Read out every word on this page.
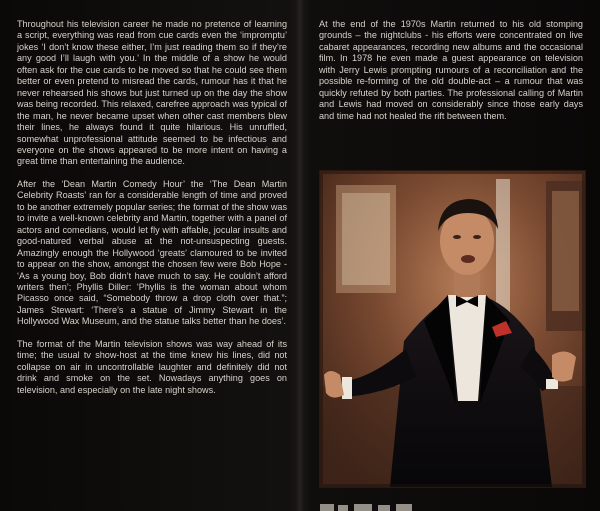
Throughout his television career he made no pretence of learning a script, everything was read from cue cards even the ‘impromptu’ jokes ‘I don’t know these either, I’m just reading them so if they’re any good I’ll laugh with you.’ In the middle of a show he would often ask for the cue cards to be moved so that he could see them better or even pretend to misread the cards, rumour has it that he never rehearsed his shows but just turned up on the day the show was being recorded. This relaxed, carefree approach was typical of the man, he never became upset when other cast members blew their lines, he always found it quite hilarious. His unruffled, somewhat unprofessional attitude seemed to be infectious and everyone on the shows appeared to be more intent on having a great time than entertaining the audience.

After the ‘Dean Martin Comedy Hour’ the ‘The Dean Martin Celebrity Roasts’ ran for a considerable length of time and proved to be another extremely popular series; the format of the show was to invite a well-known celebrity and Martin, together with a panel of actors and comedians, would let fly with affable, jocular insults and good-natured verbal abuse at the not-unsuspecting guests. Amazingly enough the Hollywood ‘greats’ clamoured to be invited to appear on the show, amongst the chosen few were Bob Hope - ‘As a young boy, Bob didn’t have much to say. He couldn’t afford writers then’; Phyllis Diller: ‘Phyllis is the woman about whom Picasso once said, “Somebody throw a drop cloth over that.”; James Stewart: ‘There’s a statue of Jimmy Stewart in the Hollywood Wax Museum, and the statue talks better than he does’.

The format of the Martin television shows was way ahead of its time; the usual tv show-host at the time knew his lines, did not collapse on air in uncontrollable laughter and definitely did not drink and smoke on the set. Nowadays anything goes on television, and especially on the late night shows.

At the end of the 1970s Martin returned to his old stomping grounds – the nightclubs - his efforts were concentrated on live cabaret appearances, recording new albums and the occasional film. In 1978 he even made a guest appearance on television with Jerry Lewis prompting rumours of a reconciliation and the possible re-forming of the old double-act – a rumour that was quickly refuted by both parties. The professional calling of Martin and Lewis had moved on considerably since those early days and time had not healed the rift between them.
